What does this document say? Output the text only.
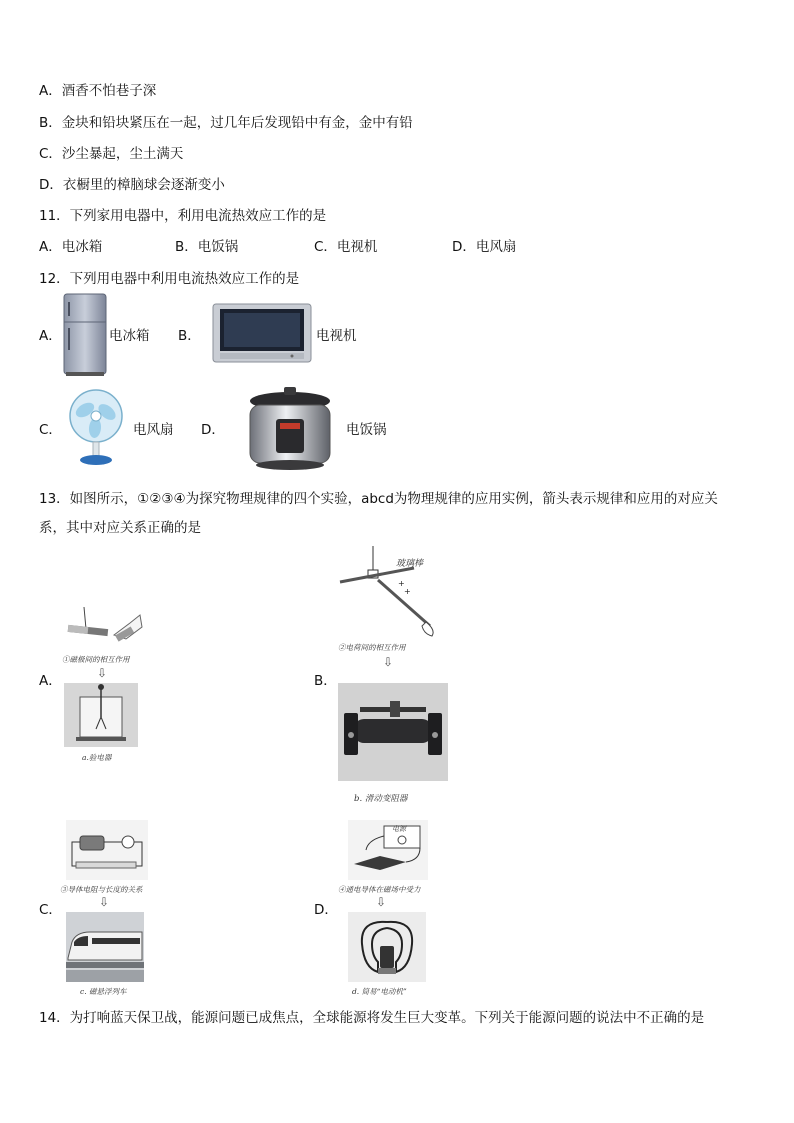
A．酒香不怕巷子深
B．金块和铅块紧压在一起，过几年后发现铅中有金，金中有铅
C．沙尘暴起，尘土满天
D．衣橱里的樟脑球会逐渐变小
11．下列家用电器中，利用电流热效应工作的是
A．电冰箱	B．电饭锅	C．电视机	D．电风扇
12．下列用电器中利用电流热效应工作的是
A．	电冰箱 B．	电视机
C．	电风扇 D．	电饭锅
13．如图所示，①②③④为探究物理规律的四个实验，abcd为物理规律的应用实例，箭头表示规律和应用的对应关
系，其中对应关系正确的是
A．
①磁极间的相互作用
⇩
a.验电器
B．
+
+
玻璃棒
②电荷间的相互作用
⇩
b. 滑动变阻器
C．
③导体电阻与长度的关系
⇩
c. 磁悬浮列车
D．
电源
④通电导体在磁场中受力
⇩
d. 简易“电动机”
14．为打响蓝天保卫战，能源问题已成焦点，全球能源将发生巨大变革。下列关于能源问题的说法中不正确的是
